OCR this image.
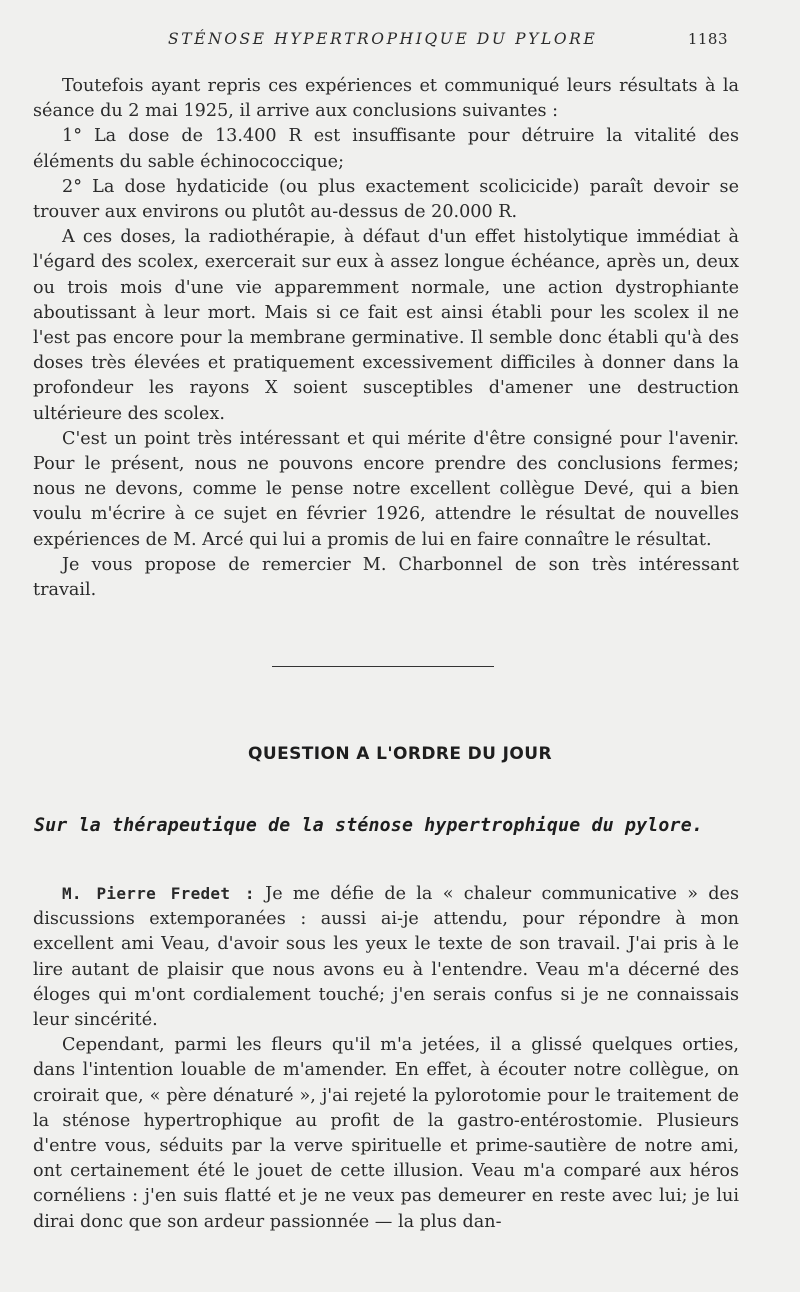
STÉNOSE HYPERTROPHIQUE DU PYLORE	1183

Toutefois ayant repris ces expériences et communiqué leurs résultats à la séance du 2 mai 1925, il arrive aux conclusions suivantes :

1° La dose de 13.400 R est insuffisante pour détruire la vitalité des éléments du sable échinococcique;

2° La dose hydaticide (ou plus exactement scolicicide) paraît devoir se trouver aux environs ou plutôt au-dessus de 20.000 R.

A ces doses, la radiothérapie, à défaut d'un effet histolytique immédiat à l'égard des scolex, exercerait sur eux à assez longue échéance, après un, deux ou trois mois d'une vie apparemment normale, une action dystrophiante aboutissant à leur mort. Mais si ce fait est ainsi établi pour les scolex il ne l'est pas encore pour la membrane germinative. Il semble donc établi qu'à des doses très élevées et pratiquement excessivement difficiles à donner dans la profondeur les rayons X soient susceptibles d'amener une destruction ultérieure des scolex.

C'est un point très intéressant et qui mérite d'être consigné pour l'avenir. Pour le présent, nous ne pouvons encore prendre des conclusions fermes; nous ne devons, comme le pense notre excellent collègue Devé, qui a bien voulu m'écrire à ce sujet en février 1926, attendre le résultat de nouvelles expériences de M. Arcé qui lui a promis de lui en faire connaître le résultat.

Je vous propose de remercier M. Charbonnel de son très intéressant travail.

QUESTION A L'ORDRE DU JOUR
Sur la thérapeutique de la sténose hypertrophique du pylore.

M. Pierre Fredet : Je me défie de la « chaleur communicative » des discussions extemporanées : aussi ai-je attendu, pour répondre à mon excellent ami Veau, d'avoir sous les yeux le texte de son travail. J'ai pris à le lire autant de plaisir que nous avons eu à l'entendre. Veau m'a décerné des éloges qui m'ont cordialement touché; j'en serais confus si je ne connaissais leur sincérité.

Cependant, parmi les fleurs qu'il m'a jetées, il a glissé quelques orties, dans l'intention louable de m'amender. En effet, à écouter notre collègue, on croirait que, « père dénaturé », j'ai rejeté la pylorotomie pour le traitement de la sténose hypertrophique au profit de la gastro-entérostomie. Plusieurs d'entre vous, séduits par la verve spirituelle et prime-sautière de notre ami, ont certainement été le jouet de cette illusion. Veau m'a comparé aux héros cornéliens : j'en suis flatté et je ne veux pas demeurer en reste avec lui; je lui dirai donc que son ardeur passionnée — la plus dan-
